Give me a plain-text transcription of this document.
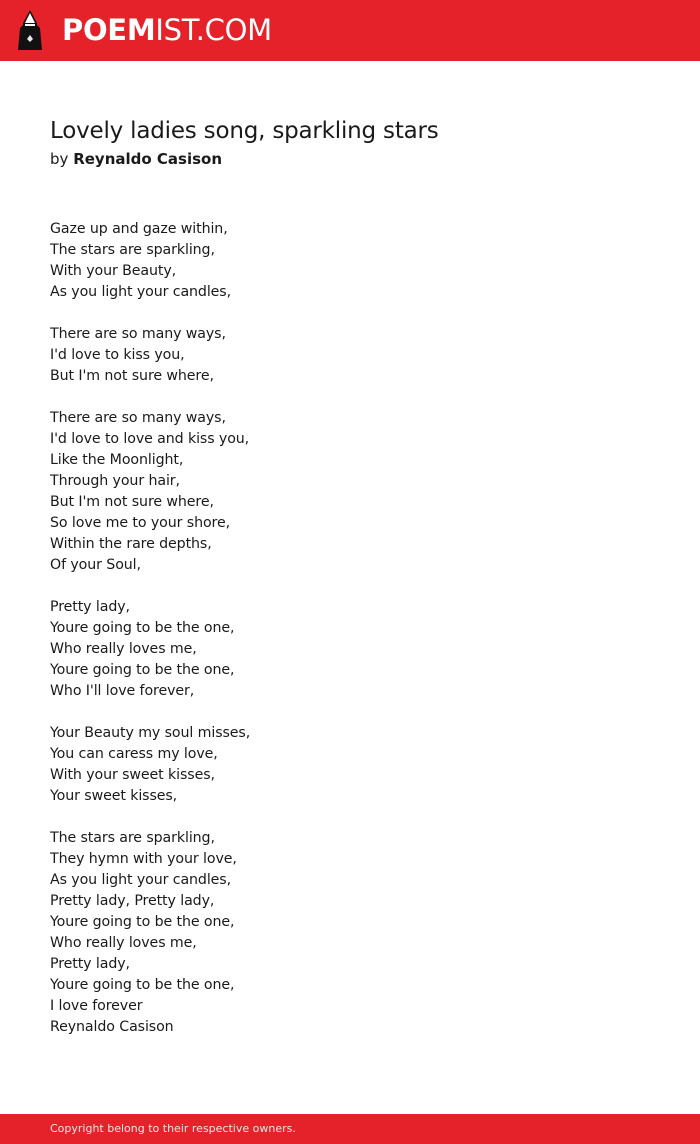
POEMIST.COM
Lovely ladies song, sparkling stars
by Reynaldo Casison
Gaze up and gaze within,
The stars are sparkling,
With your Beauty,
As you light your candles,
There are so many ways,
I'd love to kiss you,
But I'm not sure where,
There are so many ways,
I'd love to love and kiss you,
Like the Moonlight,
Through your hair,
But I'm not sure where,
So love me to your shore,
Within the rare depths,
Of your Soul,
Pretty lady,
Youre going to be the one,
Who really loves me,
Youre going to be the one,
Who I'll love forever,
Your Beauty my soul misses,
You can caress my love,
With your sweet kisses,
Your sweet kisses,
The stars are sparkling,
They hymn with your love,
As you light your candles,
Pretty lady, Pretty lady,
Youre going to be the one,
Who really loves me,
Pretty lady,
Youre going to be the one,
I love forever
Reynaldo Casison
Copyright belong to their respective owners.
